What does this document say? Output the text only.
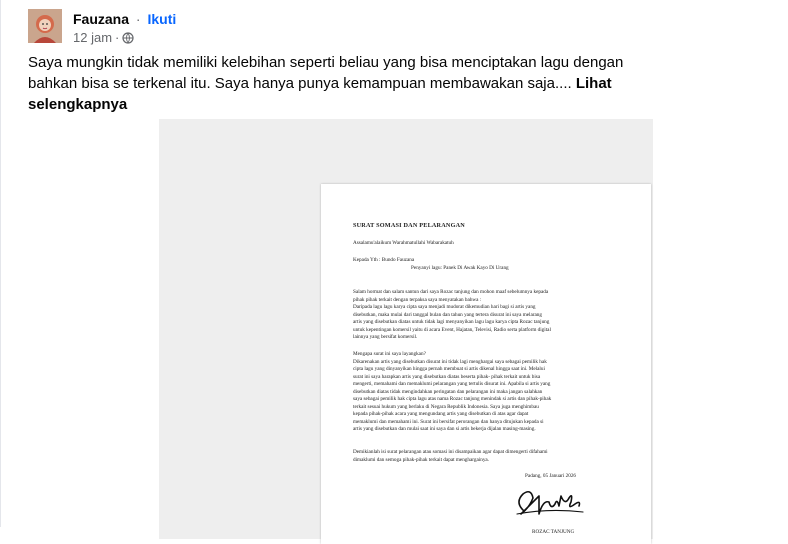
Fauzana · Ikuti
12 jam ·
Saya mungkin tidak memiliki kelebihan seperti beliau yang bisa menciptakan lagu dengan
bahkan bisa se terkenal itu. Saya hanya punya kemampuan membawakan saja.... Lihat
selengkapnya
SURAT SOMASI DAN PELARANGAN
Assalamu'alaikum Warahmatullahi Wabarakatuh
Kepada Yth : Bundo Fauzana
Penyanyi lagu: Panek Di Awak Kayo Di Urang
Salam hormat dan salam santun dari saya Rozac tanjung dan mohon maaf sebelumnya kepada
pihak pihak terkait dengan terpaksa saya menyatakan bahwa :
Daripada lagu lagu karya cipta saya menjadi mudorat dikemudian hari bagi si artis yang
disebutkan, maka mulai dari tanggal bulan dan tahun yang tertera disurat ini saya melarang
artis yang disebutkan diatas untuk tidak lagi menyanyikan lagu lagu karya cipta Rozac tanjung
untuk kepentingan komersil yaitu di acara Event, Hajatan, Televisi, Radio serta platform digital
lainnya yang bersifat komersil.
Mengapa surat ini saya layangkan?
Dikarenakan artis yang disebutkan disurat ini tidak lagi menghargai saya sebagai pemilik hak
cipta lagu yang dinyanyikan hingga pernah membuat si artis dikenal hingga saat ini. Melalui
surat ini saya harapkan artis yang disebutkan diatas beserta pihak- pihak terkait untuk bisa
mengerti, memahami dan memaklumi pelarangan yang tertulis disurat ini. Apabila si artis yang
disebutkan diatas tidak mengindahkan peringatan dan pelarangan ini maka jangan salahkan
saya sebagai pemilik hak cipta lagu atas nama Rozac tanjung menindak si artis dan pihak-pihak
terkait sesuai hukum yang berlaku di Negara Republik Indonesia. Saya juga menghimbau
kepada pihak-pihak acara yang mengundang artis yang disebutkan di atas agar dapat
memaklumi dan memahami ini. Surat ini bersifat perorangan dan hanya ditujukan kepada si
artis yang disebutkan dan mulai saat ini saya dan si artis bekerja dijalan masing-masing.
Demikianlah isi surat pelarangan atau somasi ini disampaikan agar dapat dimengerti difahami
dimaklumi dan semoga pihak-pihak terkait dapat menghargainya.
Padang, 05 Januari 2026
ROZAC TANJUNG
